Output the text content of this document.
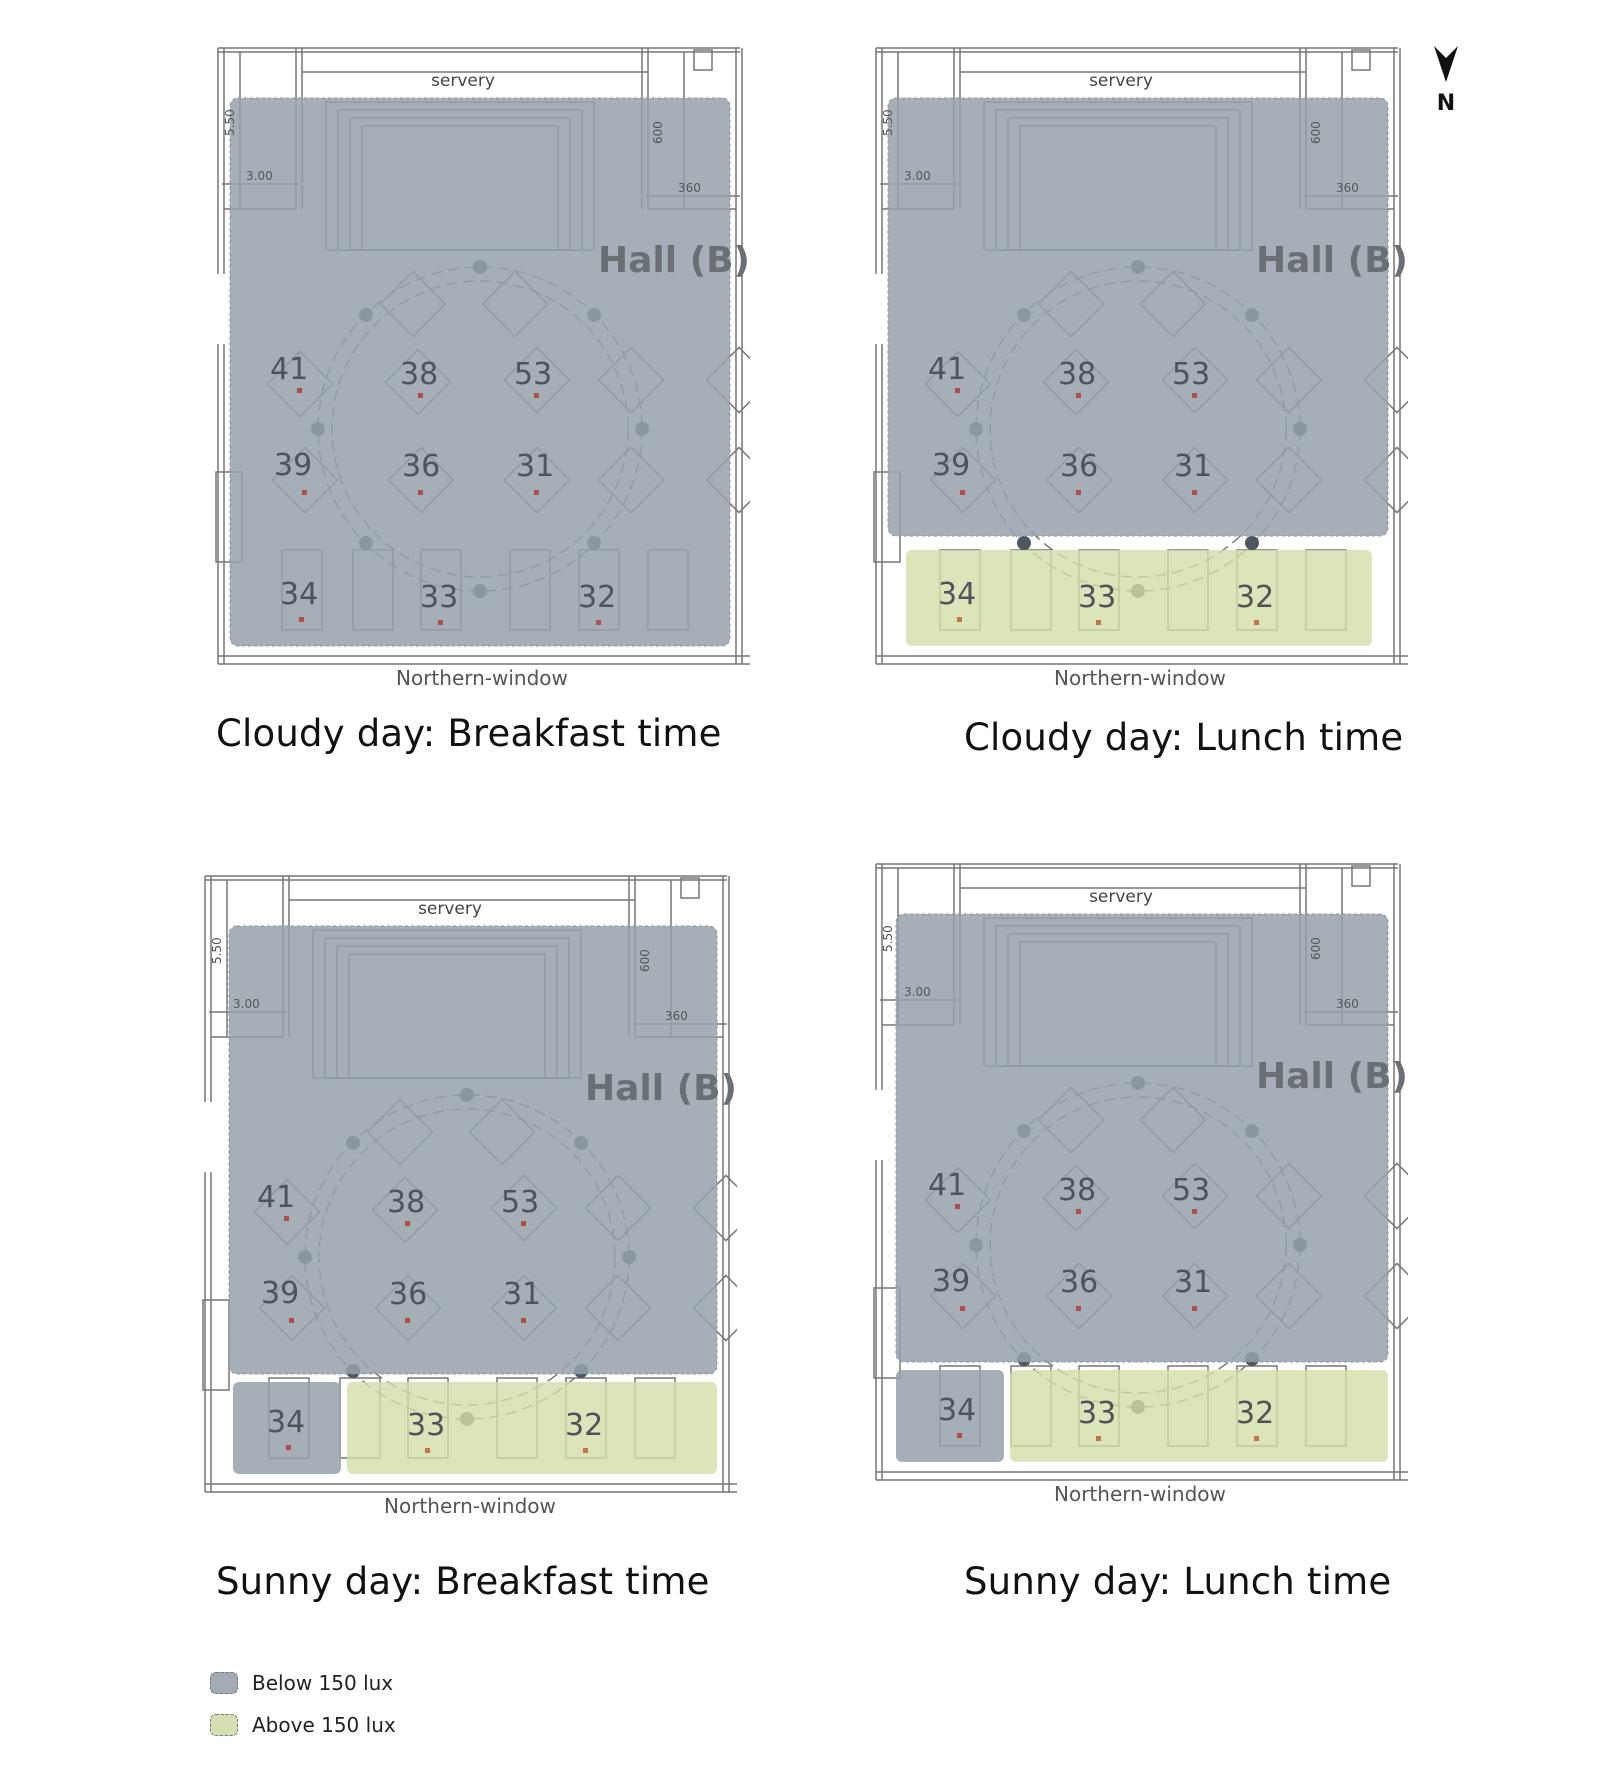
servery
5.50
3.00
600
360
Hall (B)
41	38	53
39	36	31
34	33	32
Northern-window
Cloudy day: Breakfast time
servery
5.50
3.00
600
360
Hall (B)
41	38	53
39	36	31
34	33	32
Northern-window
Cloudy day: Lunch time
servery
5.50
3.00
600
360
Hall (B)
41	38	53
39	36	31
34	33	32
Northern-window
Sunny day: Breakfast time
servery
5.50
3.00
600
360
Hall (B)
41	38	53
39	36	31
34	33	32
Northern-window
Sunny day: Lunch time
N
Below 150 lux
Above 150 lux
